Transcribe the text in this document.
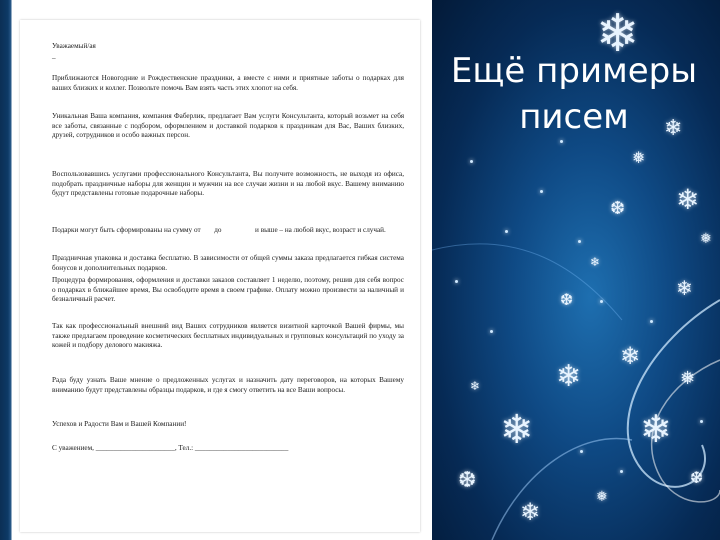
Уважаемый/ая
_
Приближаются Новогодние и Рождественские праздники, а вместе с ними и приятные заботы о подарках для ваших близких и коллег. Позвольте помочь Вам взять часть этих хлопот на себя.
Уникальная Ваша компания, компания Фаберлик, предлагает Вам услуги Консультанта, который возьмет на себя все заботы, связанные с подбором, оформлением и доставкой подарков к праздникам для Вас, Ваших близких, друзей, сотрудников и особо важных персон.
Воспользовавшись услугами профессионального Консультанта, Вы получите возможность, не выходя из офиса, подобрать праздничные наборы для женщин и мужчин на все случаи жизни и на любой вкус. Вашему вниманию будут представлены готовые подарочные наборы.
Подарки могут быть сформированы на сумму от до	и выше – на любой вкус, возраст и случай.
Праздничная упаковка и доставка бесплатно. В зависимости от общей суммы заказа предлагается гибкая система бонусов и дополнительных подарков.
Процедура формирования, оформления и доставки заказов составляет 1 неделю, поэтому, решив для себя вопрос о подарках в ближайшее время, Вы освободите время в своем графике. Оплату можно произвести за наличный и безналичный расчет.
Так как профессиональный внешний вид Ваших сотрудников является визитной карточкой Вашей фирмы, мы также предлагаем проведение косметических бесплатных индивидуальных и групповых консультаций по уходу за кожей и подбору делового макияжа.
Рада буду узнать Ваше мнение о предложенных услугах и назначить дату переговоров, на которых Вашему вниманию будут представлены образцы подарков, и где я смогу ответить на все Ваши вопросы.
Успехов и Радости Вам и Вашей Компании!
С уважением, ______________________, Тел.: __________________________
Ещё примеры
писем
❄
❄
❅
❄
❆
❅
❄
❄
❆
❄
❄	❅
❄	❄
❆
❄
❅
❄
❆
